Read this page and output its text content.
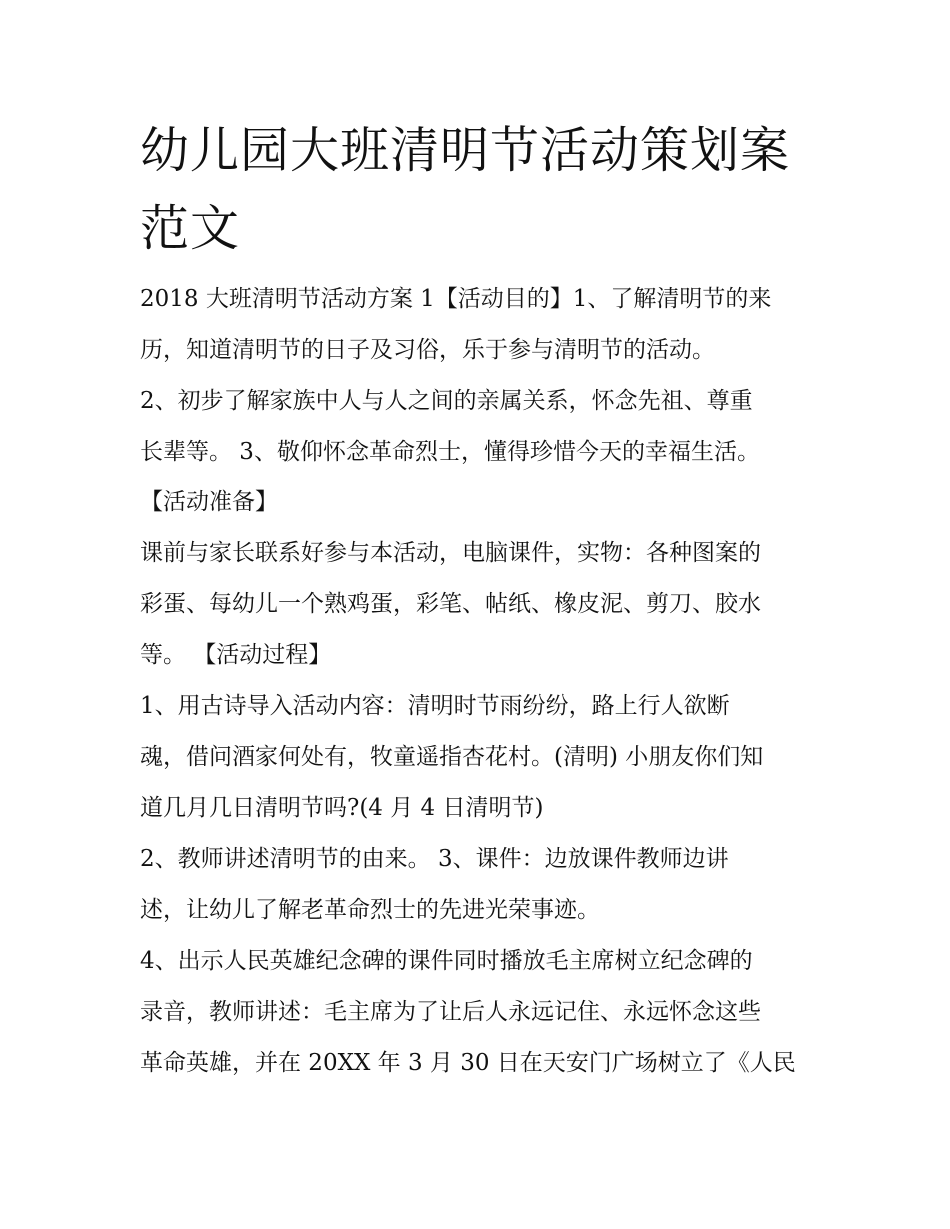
幼儿园大班清明节活动策划案
范文
2018 大班清明节活动方案 1【活动目的】1、了解清明节的来
历，知道清明节的日子及习俗，乐于参与清明节的活动。
2、初步了解家族中人与人之间的亲属关系，怀念先祖、尊重
长辈等。 3、敬仰怀念革命烈士，懂得珍惜今天的幸福生活。
【活动准备】
课前与家长联系好参与本活动，电脑课件，实物：各种图案的
彩蛋、每幼儿一个熟鸡蛋，彩笔、帖纸、橡皮泥、剪刀、胶水
等。 【活动过程】
1、用古诗导入活动内容：清明时节雨纷纷，路上行人欲断
魂，借问酒家何处有，牧童遥指杏花村。(清明) 小朋友你们知
道几月几日清明节吗?(4 月 4 日清明节)
2、教师讲述清明节的由来。 3、课件：边放课件教师边讲
述，让幼儿了解老革命烈士的先进光荣事迹。
4、出示人民英雄纪念碑的课件同时播放毛主席树立纪念碑的
录音，教师讲述：毛主席为了让后人永远记住、永远怀念这些
革命英雄，并在 20XX 年 3 月 30 日在天安门广场树立了《人民
